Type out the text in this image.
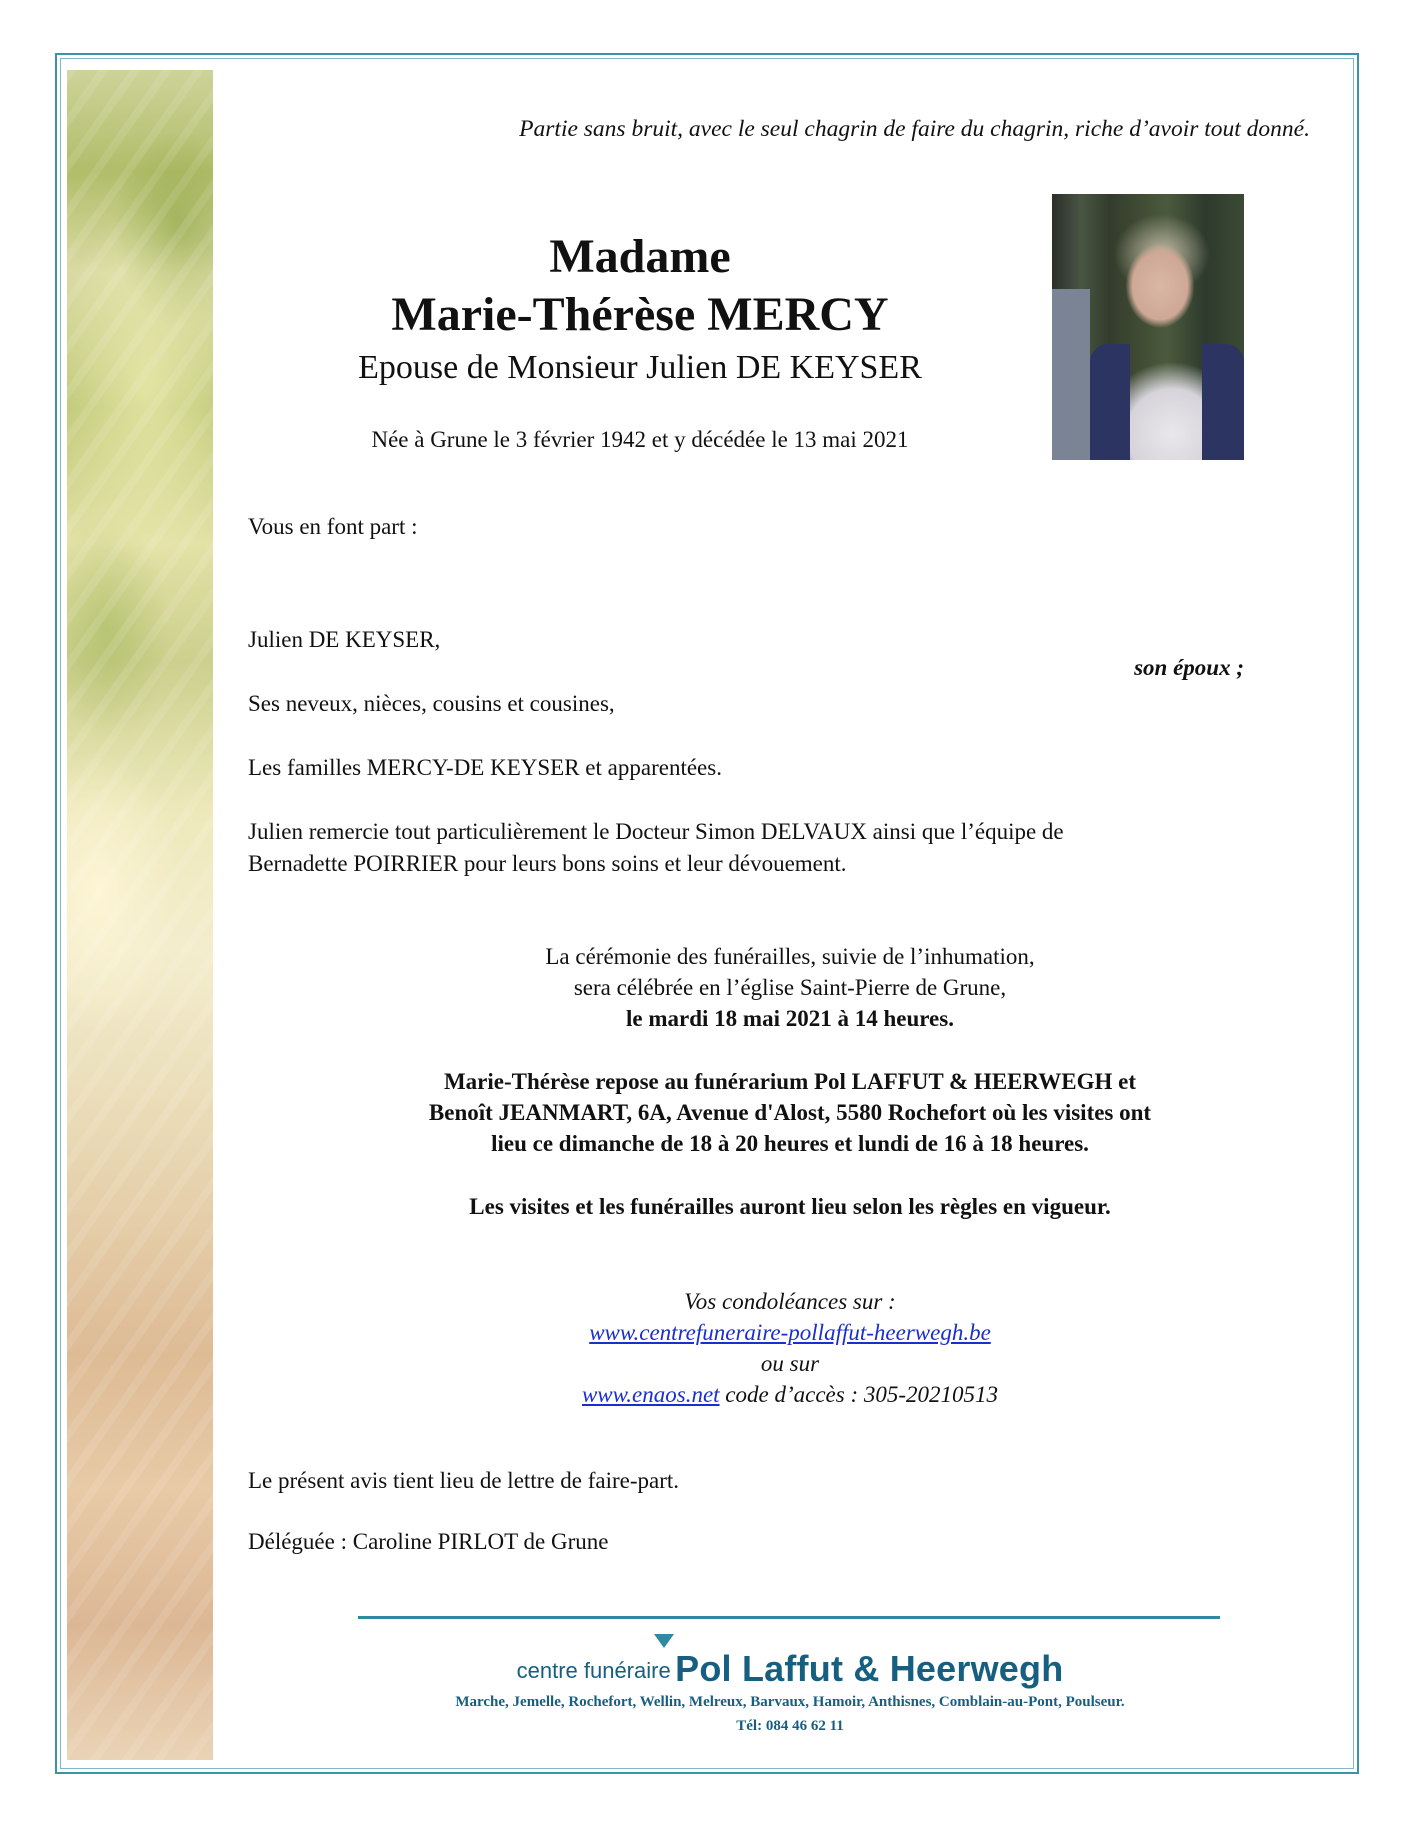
Partie sans bruit, avec le seul chagrin de faire du chagrin, riche d’avoir tout donné.
Madame
Marie-Thérèse MERCY
Epouse de Monsieur Julien DE KEYSER
Née à Grune le 3 février 1942 et y décédée le 13 mai 2021
Vous en font part :
Julien DE KEYSER,
son époux ;
Ses neveux, nièces, cousins et cousines,
Les familles MERCY-DE KEYSER et apparentées.
Julien remercie tout particulièrement le Docteur Simon DELVAUX ainsi que l’équipe de
Bernadette POIRRIER pour leurs bons soins et leur dévouement.
La cérémonie des funérailles, suivie de l’inhumation,
sera célébrée en l’église Saint-Pierre de Grune,
le mardi 18 mai 2021 à 14 heures.
Marie-Thérèse repose au funérarium Pol LAFFUT & HEERWEGH et
Benoît JEANMART, 6A, Avenue d'Alost, 5580 Rochefort où les visites ont
lieu ce dimanche de 18 à 20 heures et lundi de 16 à 18 heures.
Les visites et les funérailles auront lieu selon les règles en vigueur.
Vos condoléances sur :
www.centrefuneraire-pollaffut-heerwegh.be
ou sur
www.enaos.net code d’accès : 305-20210513
Le présent avis tient lieu de lettre de faire-part.
Déléguée : Caroline PIRLOT de Grune
centre funéraire Pol Laffut & Heerwegh
Marche, Jemelle, Rochefort, Wellin, Melreux, Barvaux, Hamoir, Anthisnes, Comblain-au-Pont, Poulseur.
Tél: 084 46 62 11
